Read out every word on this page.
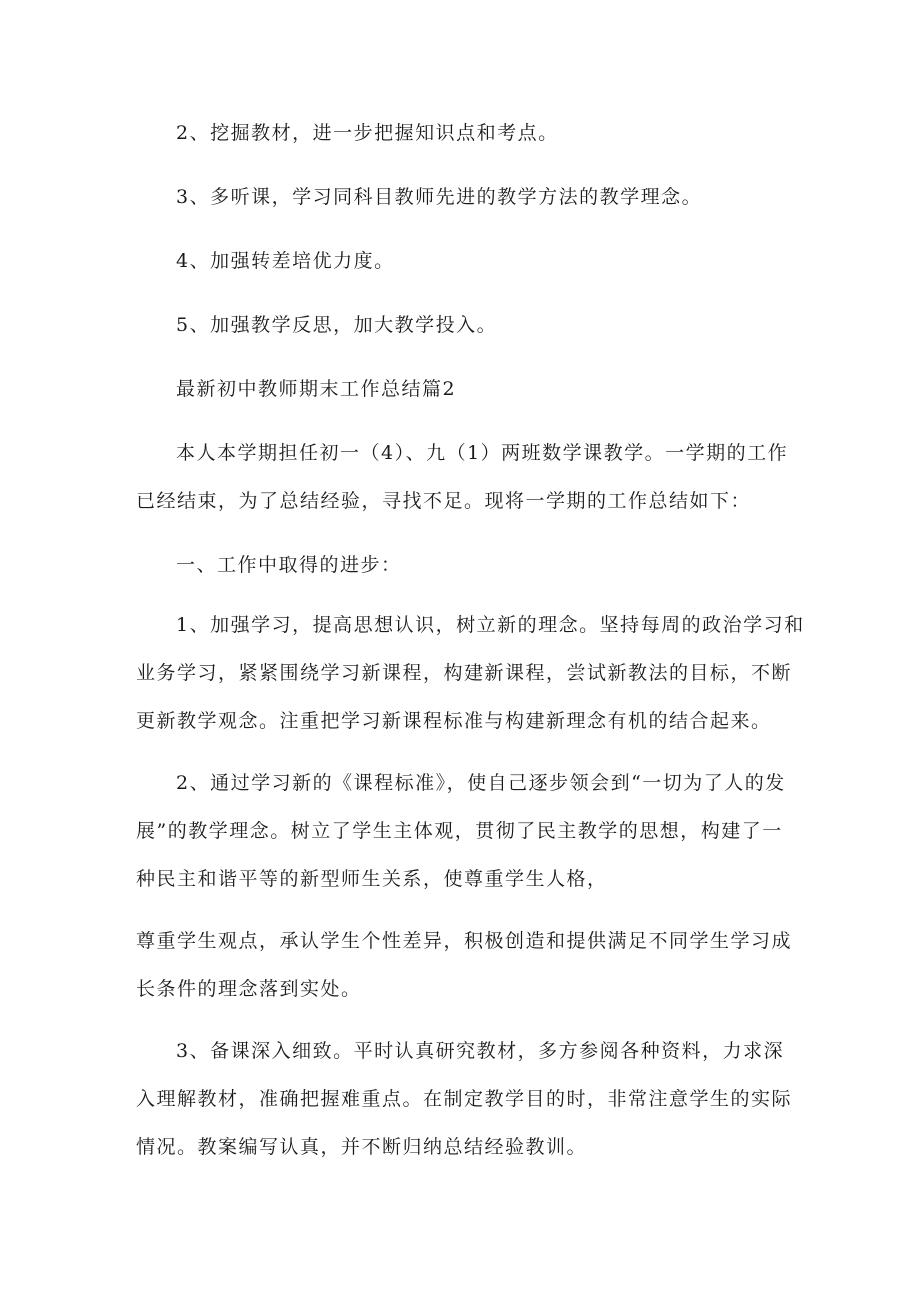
2、挖掘教材，进一步把握知识点和考点。

3、多听课，学习同科目教师先进的教学方法的教学理念。

4、加强转差培优力度。

5、加强教学反思，加大教学投入。

最新初中教师期末工作总结篇2

本人本学期担任初一（4）、九（1）两班数学课教学。一学期的工作

已经结束，为了总结经验，寻找不足。现将一学期的工作总结如下：

一、工作中取得的进步：

1、加强学习，提高思想认识，树立新的理念。坚持每周的政治学习和

业务学习，紧紧围绕学习新课程，构建新课程，尝试新教法的目标，不断

更新教学观念。注重把学习新课程标准与构建新理念有机的结合起来。

2、通过学习新的《课程标准》，使自己逐步领会到“一切为了人的发

展”的教学理念。树立了学生主体观，贯彻了民主教学的思想，构建了一

种民主和谐平等的新型师生关系，使尊重学生人格，

尊重学生观点，承认学生个性差异，积极创造和提供满足不同学生学习成

长条件的理念落到实处。

3、备课深入细致。平时认真研究教材，多方参阅各种资料，力求深

入理解教材，准确把握难重点。在制定教学目的时，非常注意学生的实际

情况。教案编写认真，并不断归纳总结经验教训。
